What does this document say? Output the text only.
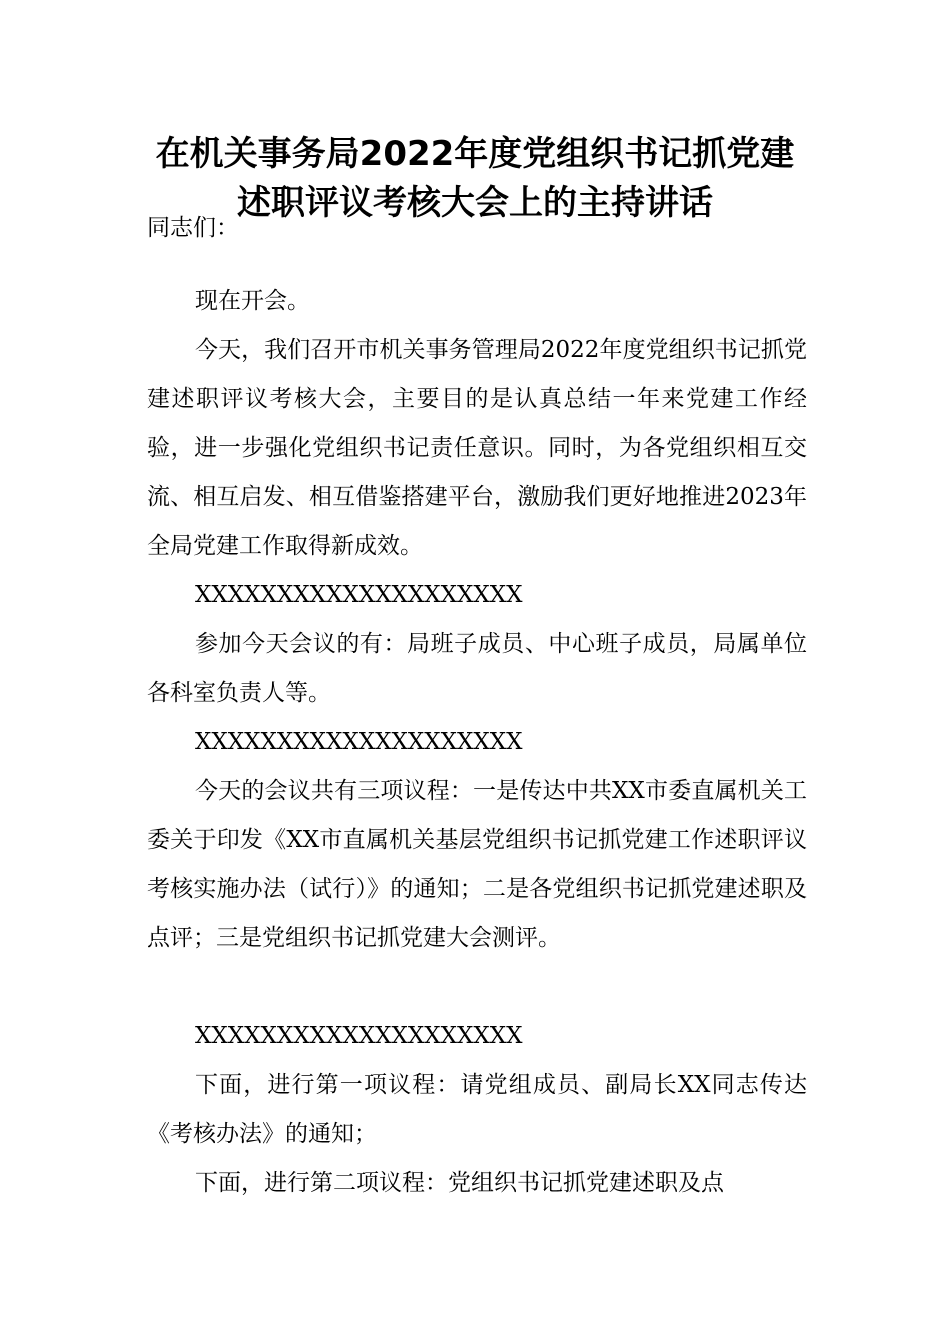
在机关事务局2022年度党组织书记抓党建
述职评议考核大会上的主持讲话

同志们：

现在开会。

今天，我们召开市机关事务管理局2022年度党组织书记抓党建述职评议考核大会，主要目的是认真总结一年来党建工作经验，进一步强化党组织书记责任意识。同时，为各党组织相互交流、相互启发、相互借鉴搭建平台，激励我们更好地推进2023年全局党建工作取得新成效。

XXXXXXXXXXXXXXXXXXXX

参加今天会议的有：局班子成员、中心班子成员，局属单位各科室负责人等。

XXXXXXXXXXXXXXXXXXXX

今天的会议共有三项议程：一是传达中共XX市委直属机关工委关于印发《XX市直属机关基层党组织书记抓党建工作述职评议考核实施办法（试行）》的通知；二是各党组织书记抓党建述职及点评；三是党组织书记抓党建大会测评。

XXXXXXXXXXXXXXXXXXXX

下面，进行第一项议程：请党组成员、副局长XX同志传达《考核办法》的通知；

下面，进行第二项议程：党组织书记抓党建述职及点
